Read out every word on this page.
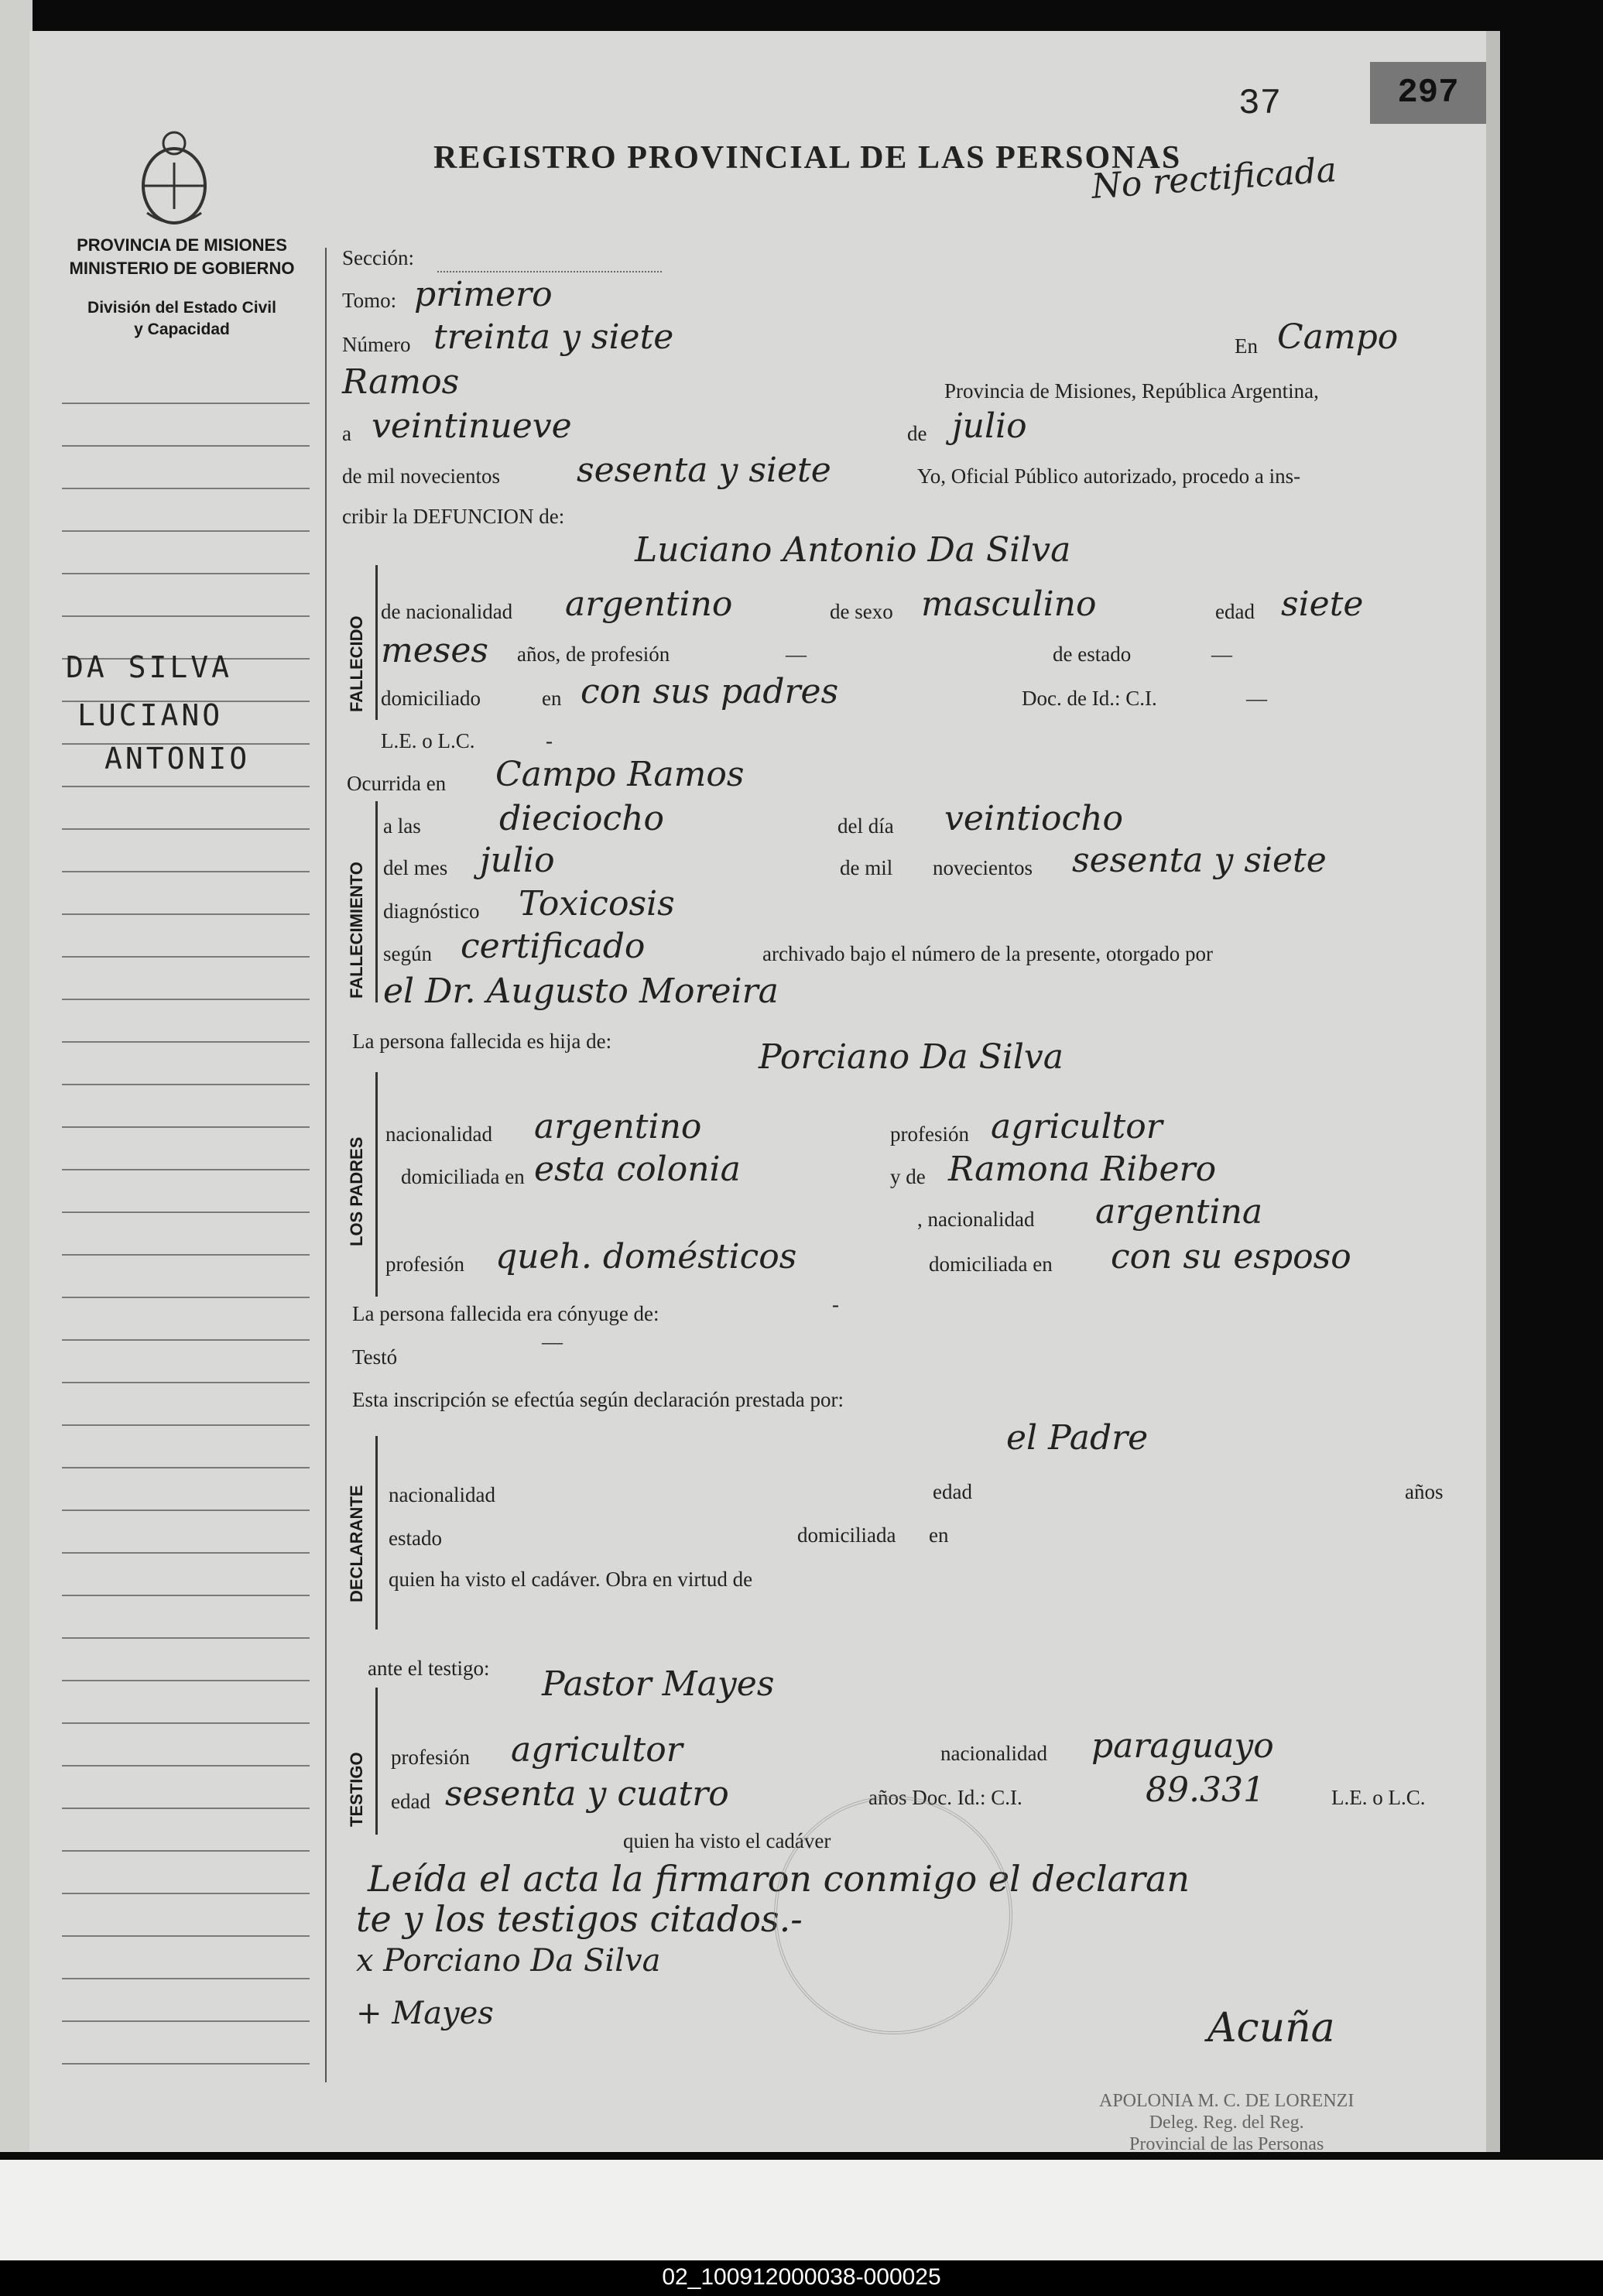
37	297
No rectificada
REGISTRO PROVINCIAL DE LAS PERSONAS
PROVINCIA DE MISIONES
MINISTERIO DE GOBIERNO
División del Estado Civil
y Capacidad
DA SILVA
LUCIANO
ANTONIO
Sección:
Tomo: primero
Número treinta y siete	En Campo
Ramos	Provincia de Misiones, República Argentina,
a veintinueve	de julio
de mil novecientos sesenta y siete	Yo, Oficial Público autorizado, procedo a ins-
cribir la DEFUNCION de:
FALLECIDO
Luciano Antonio Da Silva
de nacionalidad argentino	de sexo masculino	edad siete
meses años, de profesión	—	de estado	—
domiciliado	en con sus padres	Doc. de Id.: C.I.	—
L.E. o L.C.	-
Ocurrida en Campo Ramos
FALLECIMIENTO
a las dieciocho	del día veintiocho
del mes julio	de mil novecientos sesenta y siete
diagnóstico Toxicosis
según certificado	archivado bajo el número de la presente, otorgado por
el Dr. Augusto Moreira
La persona fallecida es hija de:
LOS PADRES
Porciano Da Silva
nacionalidad argentino	profesión agricultor
domiciliada en esta colonia	y de Ramona Ribero
, nacionalidad argentina
profesión queh. domésticos	domiciliada en con su esposo
La persona fallecida era cónyuge de:	-
Testó
—
Esta inscripción se efectúa según declaración prestada por:
DECLARANTE
el Padre
nacionalidad	edad	años
estado	domiciliada en
quien ha visto el cadáver. Obra en virtud de
ante el testigo:
TESTIGO
Pastor Mayes
profesión agricultor	nacionalidad paraguayo
edad sesenta y cuatro	años Doc. Id.: C.I.	89.331	L.E. o L.C.
quien ha visto el cadáver
Leída el acta la firmaron conmigo el declaran
te y los testigos citados.-
x Porciano Da Silva
+ Mayes	Acuña
APOLONIA M. C. DE LORENZI
Deleg. Reg. del Reg.
Provincial de las Personas
02_100912000038-000025
